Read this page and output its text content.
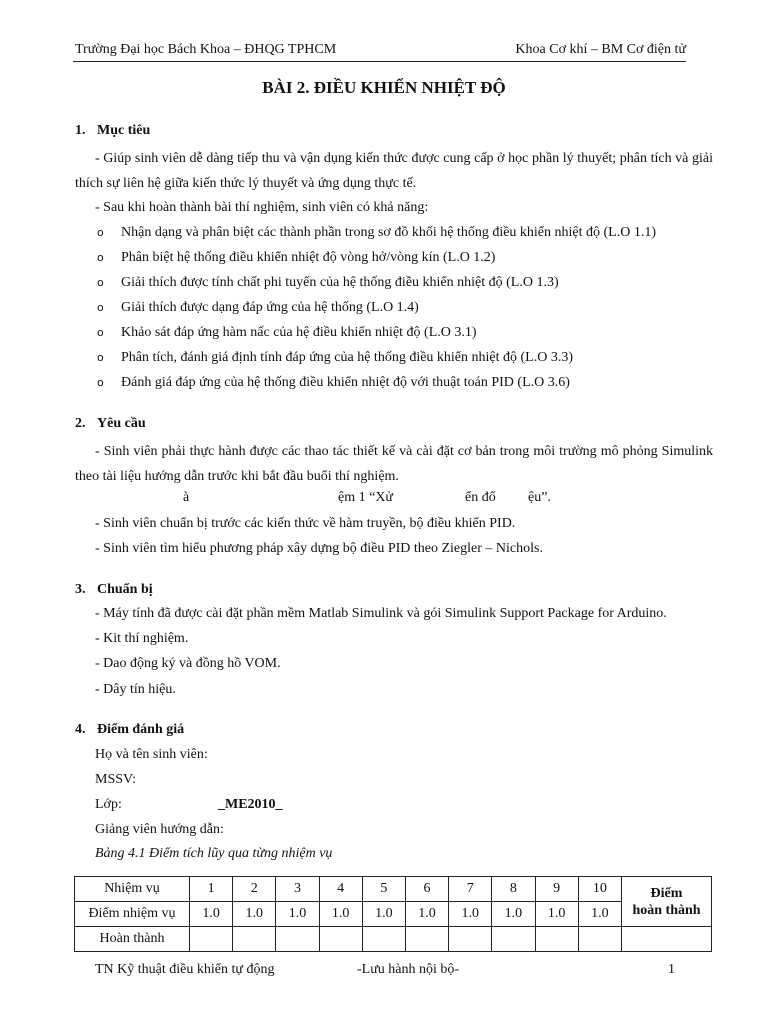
Trường Đại học Bách Khoa – ĐHQG TPHCM	Khoa Cơ khí – BM Cơ điện tử
BÀI 2. ĐIỀU KHIỂN NHIỆT ĐỘ
1. Mục tiêu
- Giúp sinh viên dễ dàng tiếp thu và vận dụng kiến thức được cung cấp ở học phần lý thuyết; phân tích và giải thích sự liên hệ giữa kiến thức lý thuyết và ứng dụng thực tế.
- Sau khi hoàn thành bài thí nghiệm, sinh viên có khả năng:
o Nhận dạng và phân biệt các thành phần trong sơ đồ khối hệ thống điều khiển nhiệt độ (L.O 1.1)
o Phân biệt hệ thống điều khiển nhiệt độ vòng hở/vòng kín (L.O 1.2)
o Giải thích được tính chất phi tuyến của hệ thống điều khiển nhiệt độ (L.O 1.3)
o Giải thích được dạng đáp ứng của hệ thống (L.O 1.4)
o Khảo sát đáp ứng hàm nấc của hệ điều khiển nhiệt độ (L.O 3.1)
o Phân tích, đánh giá định tính đáp ứng của hệ thống điều khiển nhiệt độ (L.O 3.3)
o Đánh giá đáp ứng của hệ thống điều khiển nhiệt độ với thuật toán PID (L.O 3.6)
2. Yêu cầu
- Sinh viên phải thực hành được các thao tác thiết kế và cài đặt cơ bản trong môi trường mô phỏng Simulink theo tài liệu hướng dẫn trước khi bắt đầu buổi thí nghiệm.
à	ệm 1 “Xử	ển đổ ệu”.
- Sinh viên chuẩn bị trước các kiến thức về hàm truyền, bộ điều khiển PID.
- Sinh viên tìm hiểu phương pháp xây dựng bộ điều PID theo Ziegler – Nichols.
3. Chuẩn bị
- Máy tính đã được cài đặt phần mềm Matlab Simulink và gói Simulink Support Package for Arduino.
- Kit thí nghiệm.
- Dao động ký và đồng hồ VOM.
- Dây tín hiệu.
4. Điểm đánh giá
Họ và tên sinh viên:
MSSV:
Lớp:	_ME2010_
Giảng viên hướng dẫn:
Bảng 4.1 Điểm tích lũy qua từng nhiệm vụ
Nhiệm vụ	1	2	3	4	5	6	7	8	9	10	Điểm
hoàn thành
Điểm nhiệm vụ	1.0	1.0	1.0	1.0	1.0	1.0	1.0	1.0	1.0	1.0	
Hoàn thành											
TN Kỹ thuật điều khiển tự động	-Lưu hành nội bộ-	1
